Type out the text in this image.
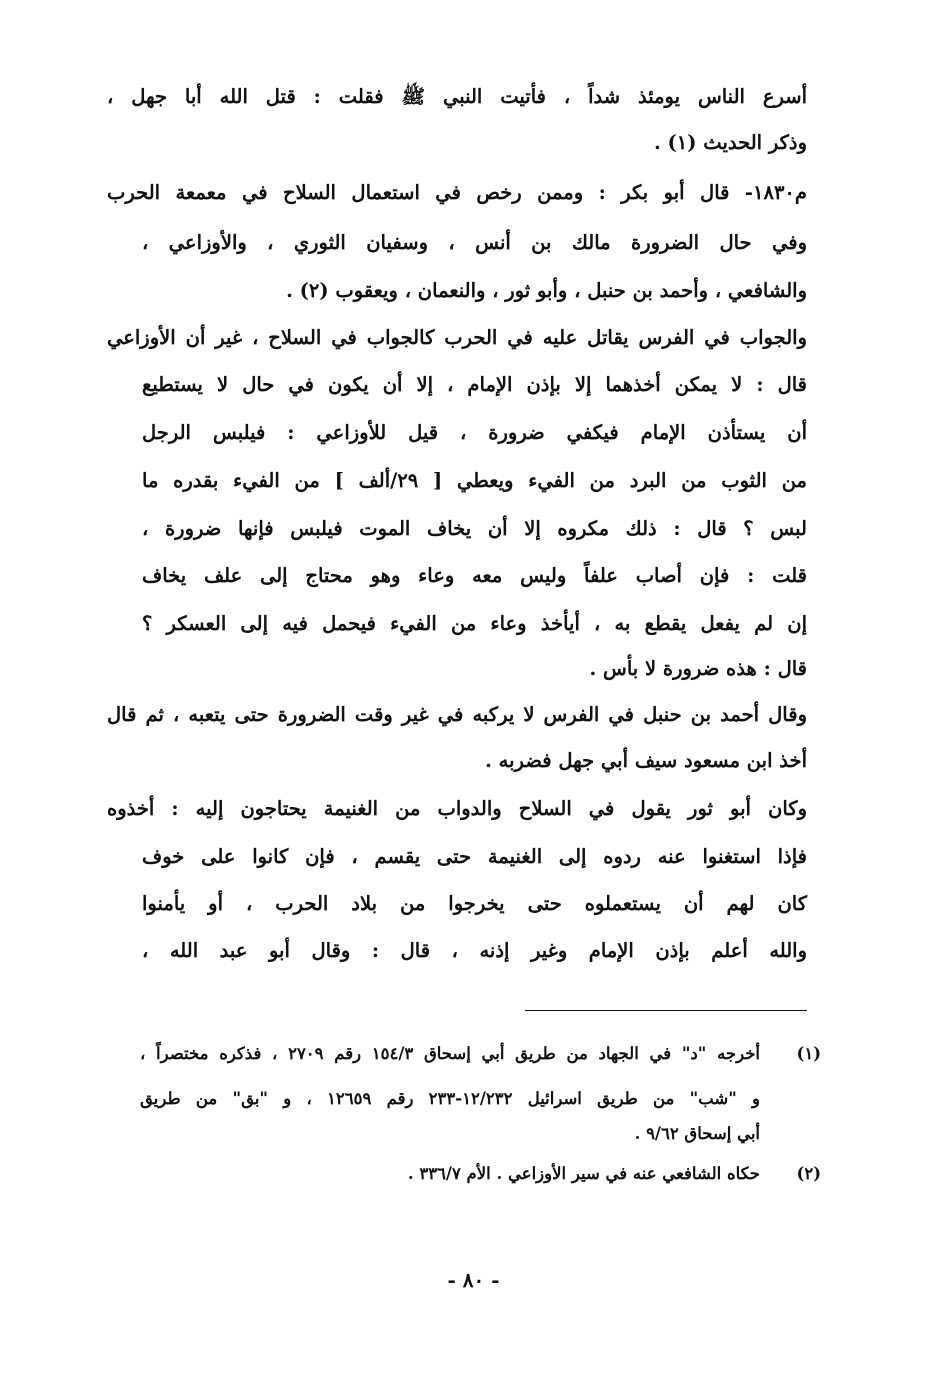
أسرع الناس يومئذ شداً ، فأتيت النبي ﷺ فقلت : قتل الله أبا جهل ،
وذكر الحديث (١) .
م١٨٣٠- قال أبو بكر : وممن رخص في استعمال السلاح في معمعة الحرب
وفي حال الضرورة مالك بن أنس ، وسفيان الثوري ، والأوزاعي ،
والشافعي ، وأحمد بن حنبل ، وأبو ثور ، والنعمان ، ويعقوب (٢) .
والجواب في الفرس يقاتل عليه في الحرب كالجواب في السلاح ، غير أن الأوزاعي
قال : لا يمكن أخذهما إلا بإذن الإمام ، إلا أن يكون في حال لا يستطيع
أن يستأذن الإمام فيكفي ضرورة ، قيل للأوزاعي : فيلبس الرجل
من الثوب من البرد من الفيء ويعطي [ ٢٩/ألف ] من الفيء بقدره ما
لبس ؟ قال : ذلك مكروه إلا أن يخاف الموت فيلبس فإنها ضرورة ،
قلت : فإن أصاب علفاً وليس معه وعاء وهو محتاج إلى علف يخاف
إن لم يفعل يقطع به ، أيأخذ وعاء من الفيء فيحمل فيه إلى العسكر ؟
قال : هذه ضرورة لا بأس .
وقال أحمد بن حنبل في الفرس لا يركبه في غير وقت الضرورة حتى يتعبه ، ثم قال
أخذ ابن مسعود سيف أبي جهل فضربه .
وكان أبو ثور يقول في السلاح والدواب من الغنيمة يحتاجون إليه : أخذوه
فإذا استغنوا عنه ردوه إلى الغنيمة حتى يقسم ، فإن كانوا على خوف
كان لهم أن يستعملوه حتى يخرجوا من بلاد الحرب ، أو يأمنوا
والله أعلم بإذن الإمام وغير إذنه ، قال : وقال أبو عبد الله ،
(١)
أخرجه "د" في الجهاد من طريق أبي إسحاق ١٥٤/٣ رقم ٢٧٠٩ ، فذكره مختصراً ،
و "شب" من طريق اسرائيل ١٢/٢٣٢-٢٣٣ رقم ١٢٦٥٩ ، و "بق" من طريق
أبي إسحاق ٩/٦٢ .
(٢)
حكاه الشافعي عنه في سير الأوزاعي . الأم ٣٣٦/٧ .
- ٨٠ -
